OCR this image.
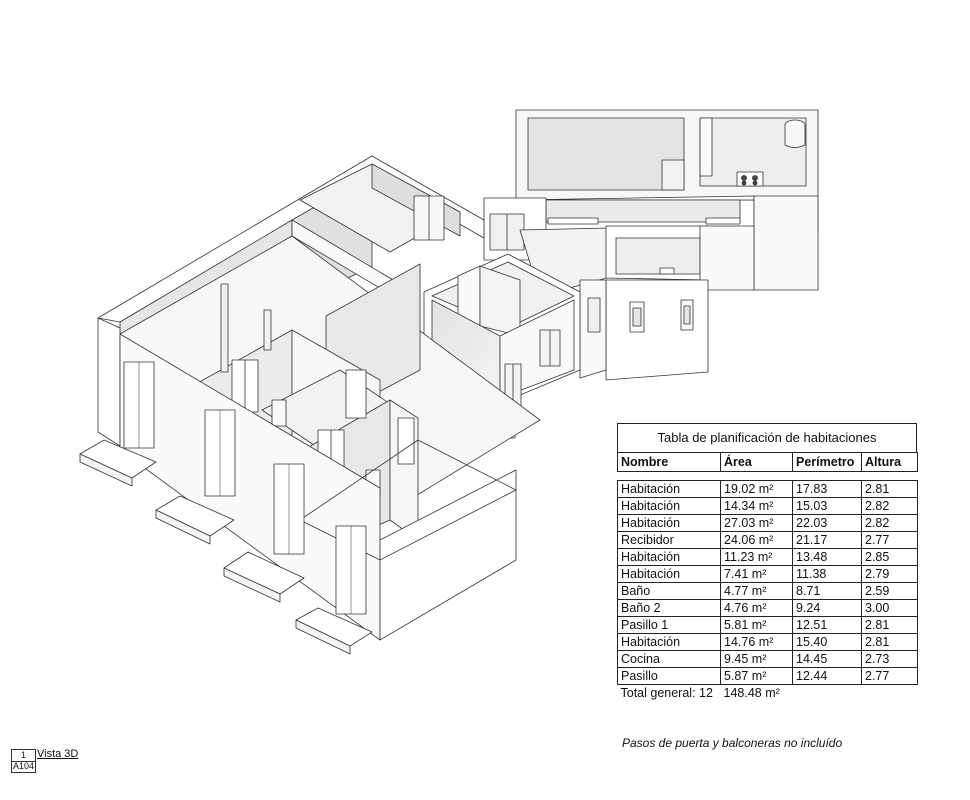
Tabla de planificación de habitaciones
Nombre	Área	Perímetro	Altura

Habitación	19.02 m²	17.83	2.81
Habitación	14.34 m²	15.03	2.82
Habitación	27.03 m²	22.03	2.82
Recibidor	24.06 m²	21.17	2.77
Habitación	11.23 m²	13.48	2.85
Habitación	7.41 m²	11.38	2.79
Baño	4.77 m²	8.71	2.59
Baño 2	4.76 m²	9.24	3.00
Pasillo 1	5.81 m²	12.51	2.81
Habitación	14.76 m²	15.40	2.81
Cocina	9.45 m²	14.45	2.73
Pasillo	5.87 m²	12.44	2.77
Total general: 12	148.48 m²		
Pasos de puerta y balconeras no incluído
1
A104
Vista 3D
